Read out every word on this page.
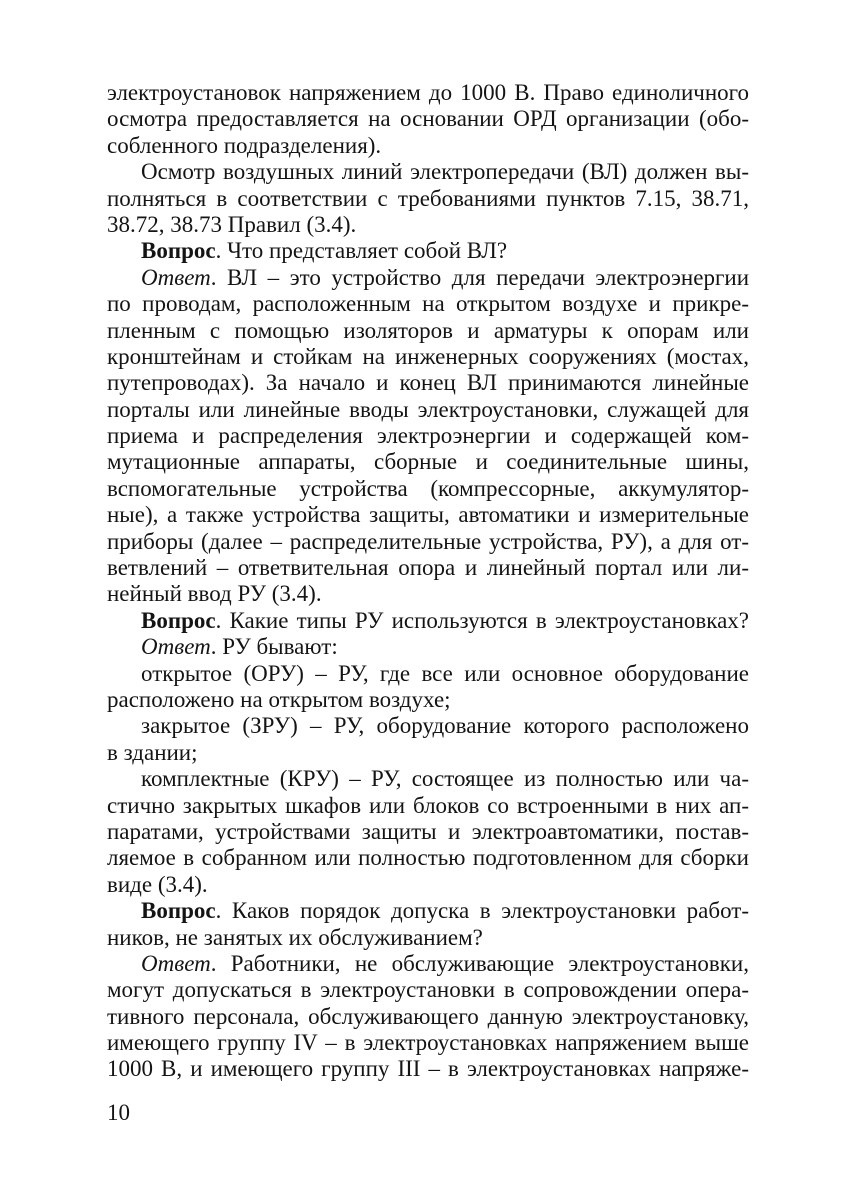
электроустановок напряжением до 1000 В. Право единоличного
осмотра предоставляется на основании ОРД организации (обо-
собленного подразделения).
Осмотр воздушных линий электропередачи (ВЛ) должен вы-
полняться в соответствии с требованиями пунктов 7.15, 38.71,
38.72, 38.73 Правил (3.4).
Вопрос. Что представляет собой ВЛ?
Ответ. ВЛ – это устройство для передачи электроэнергии
по проводам, расположенным на открытом воздухе и прикре-
пленным с помощью изоляторов и арматуры к опорам или
кронштейнам и стойкам на инженерных сооружениях (мостах,
путепроводах). За начало и конец ВЛ принимаются линейные
порталы или линейные вводы электроустановки, служащей для
приема и распределения электроэнергии и содержащей ком-
мутационные аппараты, сборные и соединительные шины,
вспомогательные устройства (компрессорные, аккумулятор-
ные), а также устройства защиты, автоматики и измерительные
приборы (далее – распределительные устройства, РУ), а для от-
ветвлений – ответвительная опора и линейный портал или ли-
нейный ввод РУ (3.4).
Вопрос. Какие типы РУ используются в электроустановках?
Ответ. РУ бывают:
открытое (ОРУ) – РУ, где все или основное оборудование
расположено на открытом воздухе;
закрытое (ЗРУ) – РУ, оборудование которого расположено
в здании;
комплектные (КРУ) – РУ, состоящее из полностью или ча-
стично закрытых шкафов или блоков со встроенными в них ап-
паратами, устройствами защиты и электроавтоматики, постав-
ляемое в собранном или полностью подготовленном для сборки
виде (3.4).
Вопрос. Каков порядок допуска в электроустановки работ-
ников, не занятых их обслуживанием?
Ответ. Работники, не обслуживающие электроустановки,
могут допускаться в электроустановки в сопровождении опера-
тивного персонала, обслуживающего данную электроустановку,
имеющего группу IV – в электроустановках напряжением выше
1000 В, и имеющего группу III – в электроустановках напряже-
10
